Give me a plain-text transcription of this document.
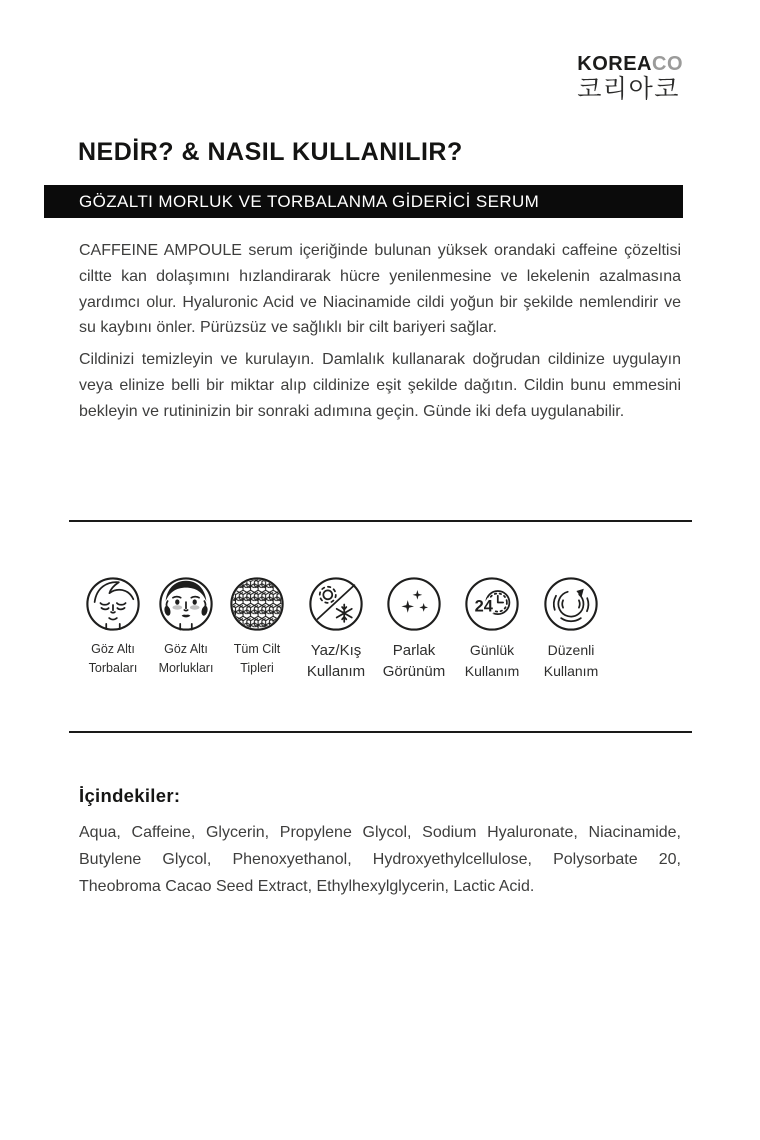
KOREACO
코리아코
NEDİR? & NASIL KULLANILIR?
GÖZALTI MORLUK VE TORBALANMA GİDERİCİ SERUM
CAFFEINE AMPOULE serum içeriğinde bulunan yüksek orandaki caffeine çözeltisi ciltte kan dolaşımını hızlandirarak hücre yenilenmesine ve lekelenin azalmasına yardımcı olur. Hyaluronic Acid ve Niacinamide cildi yoğun bir şekilde nemlendirir ve su kaybını önler. Pürüzsüz ve sağlıklı bir cilt bariyeri sağlar.
Cildinizi temizleyin ve kurulayın. Damlalık kullanarak doğrudan cildinize uygulayın veya elinize belli bir miktar alıp cildinize eşit şekilde dağıtın. Cildin bunu emmesini bekleyin ve rutininizin bir sonraki adımına geçin. Günde iki defa uygulanabilir.
Göz Altı
Torbaları
Göz Altı
Morlukları
Tüm Cilt
Tipleri
Yaz/Kış
Kullanım
Parlak
Görünüm
24
Günlük
Kullanım
Düzenli
Kullanım
İçindekiler:
Aqua, Caffeine, Glycerin, Propylene Glycol, Sodium Hyaluronate, Niacinamide, Butylene Glycol, Phenoxyethanol, Hydroxyethylcellulose, Polysorbate 20, Theobroma Cacao Seed Extract, Ethylhexylglycerin, Lactic Acid.
